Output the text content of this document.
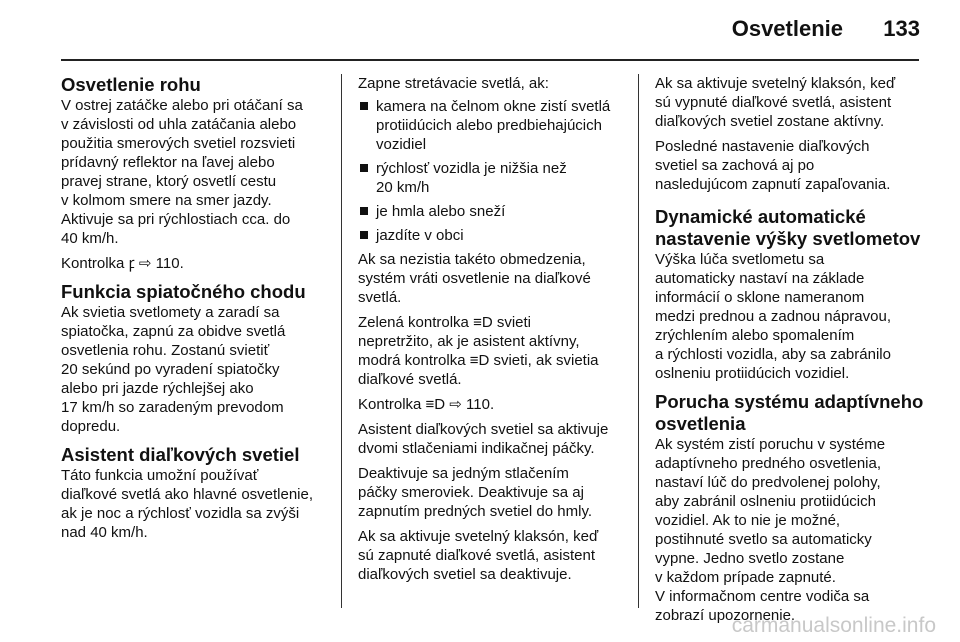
Osvetlenie 133
Osvetlenie rohu

V ostrej zatáčke alebo pri otáčaní sa
v závislosti od uhla zatáčania alebo
použitia smerových svetiel rozsvieti
prídavný reflektor na ľavej alebo
pravej strane, ktorý osvetlí cestu
v kolmom smere na smer jazdy.
Aktivuje sa pri rýchlostiach cca. do
40 km/h.

Kontrolka ꝼ ⇨ 110.

Funkcia spiatočného chodu

Ak svietia svetlomety a zaradí sa
spiatočka, zapnú za obidve svetlá
osvetlenia rohu. Zostanú svietiť
20 sekúnd po vyradení spiatočky
alebo pri jazde rýchlejšej ako
17 km/h so zaradeným prevodom
dopredu.

Asistent diaľkových svetiel

Táto funkcia umožní používať
diaľkové svetlá ako hlavné osvetlenie,
ak je noc a rýchlosť vozidla sa zvýši
nad 40 km/h.

Zapne stretávacie svetlá, ak:

kamera na čelnom okne zistí svetlá
protiidúcich alebo predbiehajúcich
vozidiel
rýchlosť vozidla je nižšia než
20 km/h
je hmla alebo sneží
jazdíte v obci

Ak sa nezistia takéto obmedzenia,
systém vráti osvetlenie na diaľkové
svetlá.

Zelená kontrolka ≡D svieti
nepretržito, ak je asistent aktívny,
modrá kontrolka ≡D svieti, ak svietia
diaľkové svetlá.

Kontrolka ≡D ⇨ 110.

Asistent diaľkových svetiel sa aktivuje
dvomi stlačeniami indikačnej páčky.

Deaktivuje sa jedným stlačením
páčky smeroviek. Deaktivuje sa aj
zapnutím predných svetiel do hmly.

Ak sa aktivuje svetelný klaksón, keď
sú zapnuté diaľkové svetlá, asistent
diaľkových svetiel sa deaktivuje.

Ak sa aktivuje svetelný klaksón, keď
sú vypnuté diaľkové svetlá, asistent
diaľkových svetiel zostane aktívny.

Posledné nastavenie diaľkových
svetiel sa zachová aj po
nasledujúcom zapnutí zapaľovania.

Dynamické automatické
nastavenie výšky svetlometov

Výška lúča svetlometu sa
automaticky nastaví na základe
informácií o sklone nameranom
medzi prednou a zadnou nápravou,
zrýchlením alebo spomalením
a rýchlosti vozidla, aby sa zabránilo
oslneniu protiidúcich vozidiel.

Porucha systému adaptívneho
osvetlenia

Ak systém zistí poruchu v systéme
adaptívneho predného osvetlenia,
nastaví lúč do predvolenej polohy,
aby zabránil oslneniu protiidúcich
vozidiel. Ak to nie je možné,
postihnuté svetlo sa automaticky
vypne. Jedno svetlo zostane
v každom prípade zapnuté.
V informačnom centre vodiča sa
zobrazí upozornenie.

carmanualsonline.info
